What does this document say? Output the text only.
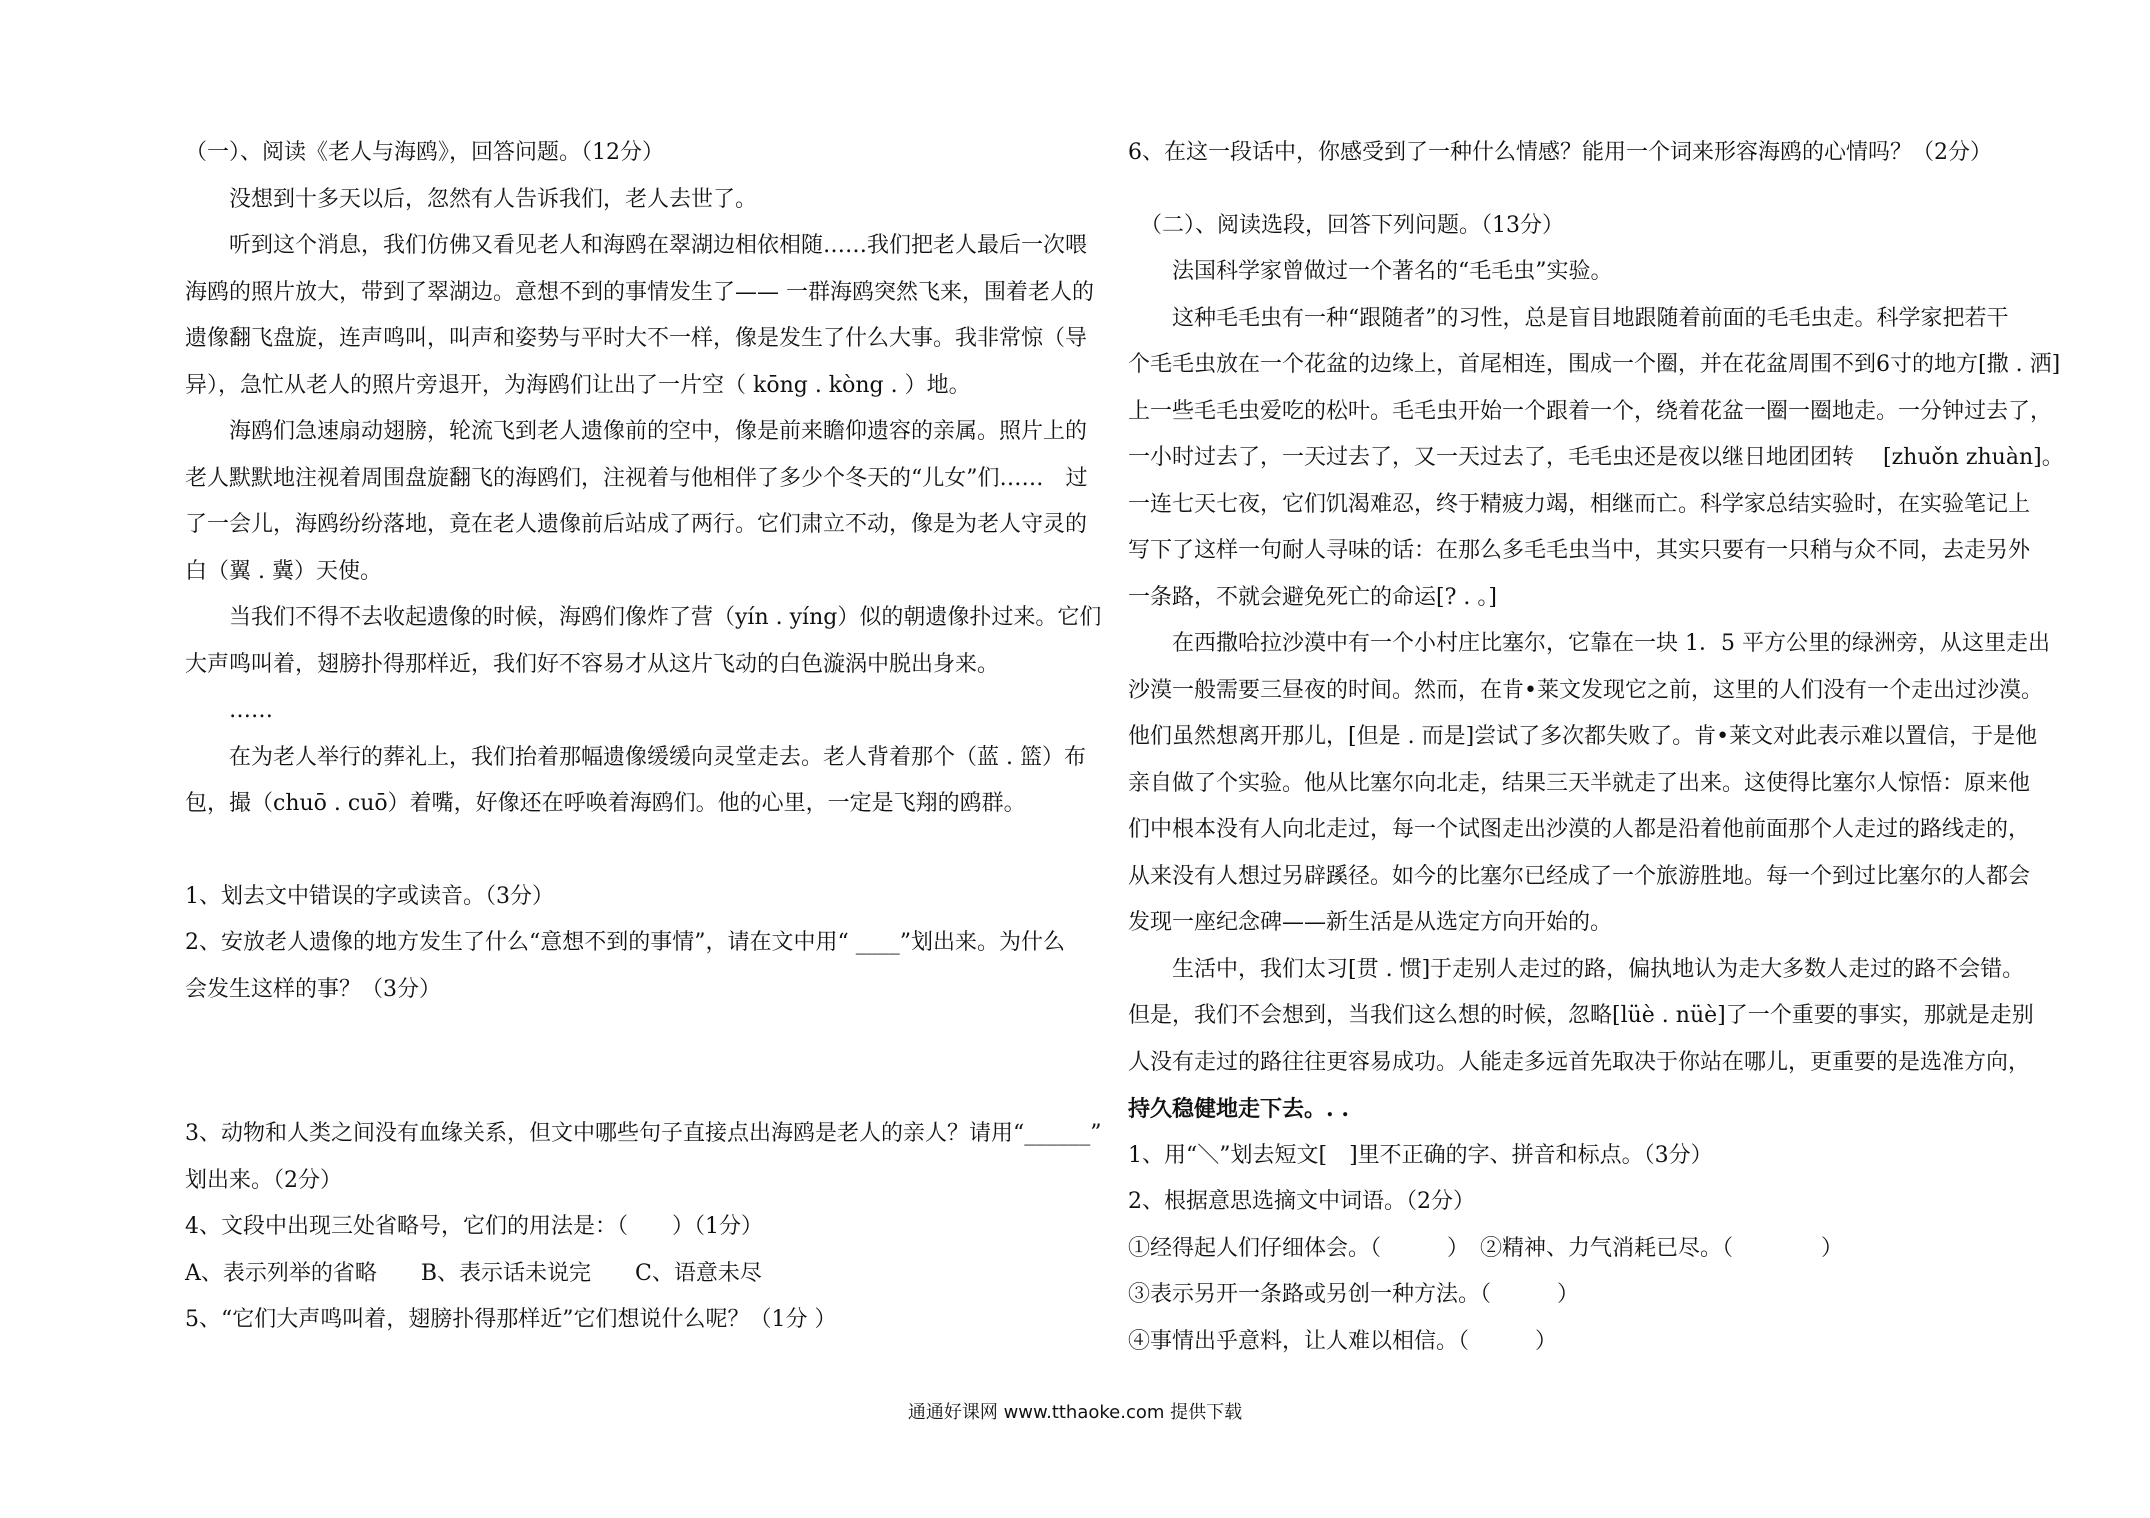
（一）、阅读《老人与海鸥》，回答问题。（12分）
没想到十多天以后，忽然有人告诉我们，老人去世了。
听到这个消息，我们仿佛又看见老人和海鸥在翠湖边相依相随……我们把老人最后一次喂
海鸥的照片放大，带到了翠湖边。意想不到的事情发生了—— 一群海鸥突然飞来，围着老人的
遗像翻飞盘旋，连声鸣叫，叫声和姿势与平时大不一样，像是发生了什么大事。我非常惊（导
异），急忙从老人的照片旁退开，为海鸥们让出了一片空（ kōng . kòng . ）地。
海鸥们急速扇动翅膀，轮流飞到老人遗像前的空中，像是前来瞻仰遗容的亲属。照片上的
老人默默地注视着周围盘旋翻飞的海鸥们，注视着与他相伴了多少个冬天的“儿女”们……　过
了一会儿，海鸥纷纷落地，竟在老人遗像前后站成了两行。它们肃立不动，像是为老人守灵的
白（翼 . 冀）天使。
当我们不得不去收起遗像的时候，海鸥们像炸了营（yín . yíng）似的朝遗像扑过来。它们
大声鸣叫着，翅膀扑得那样近，我们好不容易才从这片飞动的白色漩涡中脱出身来。
……
在为老人举行的葬礼上，我们抬着那幅遗像缓缓向灵堂走去。老人背着那个（蓝 . 篮）布
包，撮（chuō . cuō）着嘴，好像还在呼唤着海鸥们。他的心里，一定是飞翔的鸥群。
1、划去文中错误的字或读音。（3分）
2、安放老人遗像的地方发生了什么“意想不到的事情”，请在文中用“ ____”划出来。为什么
会发生这样的事？（3分）
3、动物和人类之间没有血缘关系，但文中哪些句子直接点出海鸥是老人的亲人？请用“______”
划出来。（2分）
4、文段中出现三处省略号，它们的用法是：（　　）（1分）
A、表示列举的省略　　B、表示话未说完　　C、语意未尽
5、“它们大声鸣叫着，翅膀扑得那样近”它们想说什么呢？（1分 ）
6、在这一段话中，你感受到了一种什么情感？能用一个词来形容海鸥的心情吗？（2分）
（二）、阅读选段，回答下列问题。（13分）
法国科学家曾做过一个著名的“毛毛虫”实验。
这种毛毛虫有一种“跟随者”的习性，总是盲目地跟随着前面的毛毛虫走。科学家把若干
个毛毛虫放在一个花盆的边缘上，首尾相连，围成一个圈，并在花盆周围不到6寸的地方[撒 . 洒]
上一些毛毛虫爱吃的松叶。毛毛虫开始一个跟着一个，绕着花盆一圈一圈地走。一分钟过去了，
一小时过去了，一天过去了，又一天过去了，毛毛虫还是夜以继日地团团转　 [zhuǒn zhuàn]。
一连七天七夜，它们饥渴难忍，终于精疲力竭，相继而亡。科学家总结实验时，在实验笔记上
写下了这样一句耐人寻味的话：在那么多毛毛虫当中，其实只要有一只稍与众不同，去走另外
一条路，不就会避免死亡的命运[? . 。]
在西撒哈拉沙漠中有一个小村庄比塞尔，它靠在一块 1．5 平方公里的绿洲旁，从这里走出
沙漠一般需要三昼夜的时间。然而，在肯•莱文发现它之前，这里的人们没有一个走出过沙漠。
他们虽然想离开那儿，[但是 . 而是]尝试了多次都失败了。肯•莱文对此表示难以置信，于是他
亲自做了个实验。他从比塞尔向北走，结果三天半就走了出来。这使得比塞尔人惊悟：原来他
们中根本没有人向北走过，每一个试图走出沙漠的人都是沿着他前面那个人走过的路线走的，
从来没有人想过另辟蹊径。如今的比塞尔已经成了一个旅游胜地。每一个到过比塞尔的人都会
发现一座纪念碑——新生活是从选定方向开始的。
生活中，我们太习[贯 . 惯]于走别人走过的路，偏执地认为走大多数人走过的路不会错。
但是，我们不会想到，当我们这么想的时候，忽略[lüè . nüè]了一个重要的事实，那就是走别
人没有走过的路往往更容易成功。人能走多远首先取决于你站在哪儿，更重要的是选准方向，
持久稳健地走下去。. .
1、用“＼”划去短文[　]里不正确的字、拼音和标点。（3分）
2、根据意思选摘文中词语。（2分）
①经得起人们仔细体会。（　　　）　②精神、力气消耗已尽。（　　　　）
③表示另开一条路或另创一种方法。（　　　）
④事情出乎意料，让人难以相信。（　　　）
通通好课网 www.tthaoke.com 提供下载
